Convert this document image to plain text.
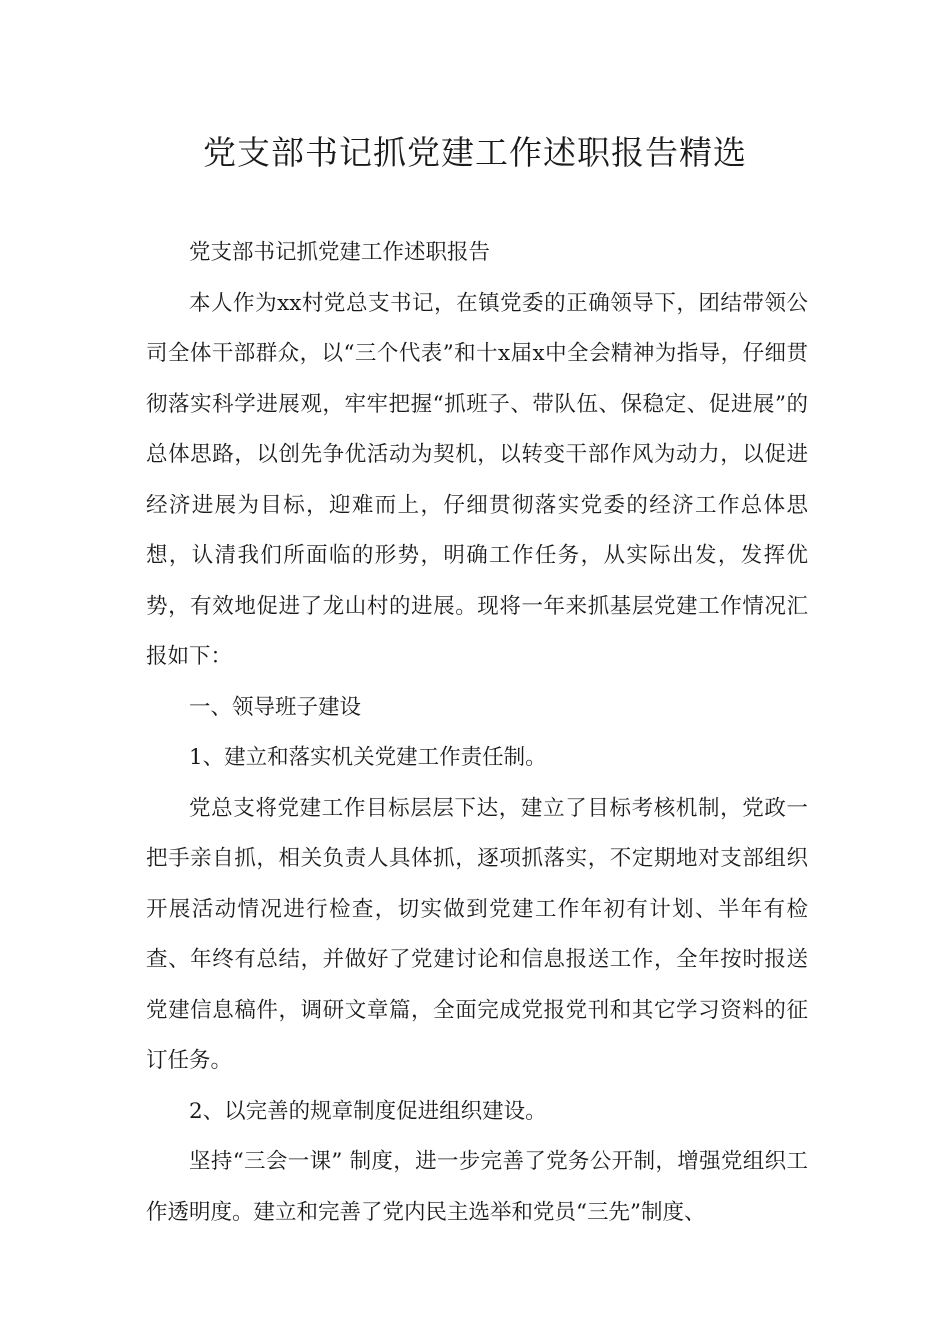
党支部书记抓党建工作述职报告精选

党支部书记抓党建工作述职报告

本人作为xx村党总支书记，在镇党委的正确领导下，团结带领公司全体干部群众，以“三个代表”和十x届x中全会精神为指导，仔细贯彻落实科学进展观，牢牢把握“抓班子、带队伍、保稳定、促进展”的总体思路，以创先争优活动为契机，以转变干部作风为动力，以促进经济进展为目标，迎难而上，仔细贯彻落实党委的经济工作总体思想，认清我们所面临的形势，明确工作任务，从实际出发，发挥优势，有效地促进了龙山村的进展。现将一年来抓基层党建工作情况汇报如下：

一、领导班子建设

1、建立和落实机关党建工作责任制。

党总支将党建工作目标层层下达，建立了目标考核机制，党政一把手亲自抓，相关负责人具体抓，逐项抓落实，不定期地对支部组织开展活动情况进行检查，切实做到党建工作年初有计划、半年有检查、年终有总结，并做好了党建讨论和信息报送工作，全年按时报送党建信息稿件，调研文章篇，全面完成党报党刊和其它学习资料的征订任务。

2、以完善的规章制度促进组织建设。

坚持“三会一课” 制度，进一步完善了党务公开制，增强党组织工作透明度。建立和完善了党内民主选举和党员“三先”制度、
